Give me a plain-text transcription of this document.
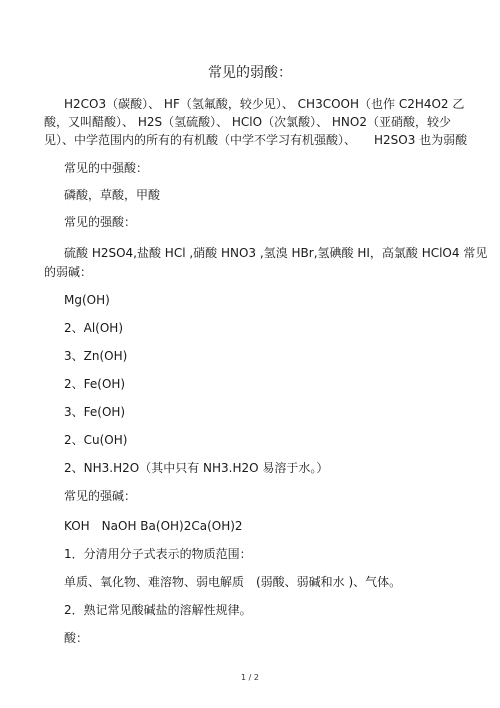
常见的弱酸：
H2CO3（碳酸）、 HF（氢氟酸，较少见）、 CH3COOH（也作 C2H4O2 乙
酸，又叫醋酸）、 H2S（氢硫酸）、 HClO（次氯酸）、 HNO2（亚硝酸，较少
见）、中学范围内的所有的有机酸（中学不学习有机强酸）、　　H2SO3 也为弱酸
常见的中强酸：
磷酸，草酸，甲酸
常见的强酸：
硫酸 H2SO4,盐酸 HCl ,硝酸 HNO3 ,氢溴 HBr,氢碘酸 HI，高氯酸 HClO4 常见
的弱碱：
Mg(OH)
2、Al(OH)
3、Zn(OH)
2、Fe(OH)
3、Fe(OH)
2、Cu(OH)
2、NH3.H2O（其中只有 NH3.H2O 易溶于水。）
常见的强碱：
KOH　NaOH Ba(OH)2Ca(OH)2
1．分清用分子式表示的物质范围：
单质、氧化物、难溶物、弱电解质　(弱酸、弱碱和水 )、气体。
2．熟记常见酸碱盐的溶解性规律。
酸：
1 / 2
